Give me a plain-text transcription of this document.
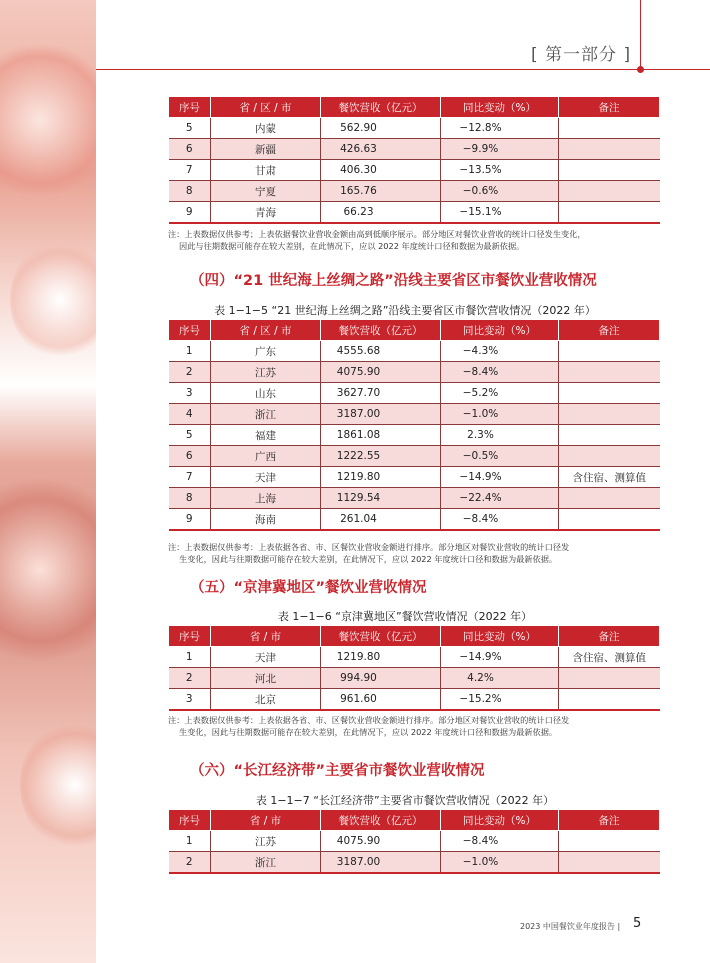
[ 第一部分 ]
序号	省 / 区 / 市	餐饮营收（亿元）	同比变动（%）	备注
5	内蒙	562.90	−12.8%	
6	新疆	426.63	−9.9%	
7	甘肃	406.30	−13.5%	
8	宁夏	165.76	−0.6%	
9	青海	66.23	−15.1%	
注：上表数据仅供参考；上表依据餐饮业营收金额由高到低顺序展示。部分地区对餐饮业营收的统计口径发生变化，
因此与往期数据可能存在较大差别，在此情况下，应以 2022 年度统计口径和数据为最新依据。
（四）“21 世纪海上丝绸之路”沿线主要省区市餐饮业营收情况
表 1−1−5 “21 世纪海上丝绸之路”沿线主要省区市餐饮营收情况（2022 年）
序号	省 / 区 / 市	餐饮营收（亿元）	同比变动（%）	备注
1	广东	4555.68	−4.3%	
2	江苏	4075.90	−8.4%	
3	山东	3627.70	−5.2%	
4	浙江	3187.00	−1.0%	
5	福建	1861.08	2.3%	
6	广西	1222.55	−0.5%	
7	天津	1219.80	−14.9%	含住宿、测算值
8	上海	1129.54	−22.4%	
9	海南	261.04	−8.4%	
注：上表数据仅供参考：上表依据各省、市、区餐饮业营收金额进行排序。部分地区对餐饮业营收的统计口径发
生变化，因此与往期数据可能存在较大差别，在此情况下，应以 2022 年度统计口径和数据为最新依据。
（五）“京津冀地区”餐饮业营收情况
表 1−1−6 “京津冀地区”餐饮营收情况（2022 年）
序号	省 / 市	餐饮营收（亿元）	同比变动（%）	备注
1	天津	1219.80	−14.9%	含住宿、测算值
2	河北	994.90	4.2%	
3	北京	961.60	−15.2%	
注：上表数据仅供参考：上表依据各省、市、区餐饮业营收金额进行排序。部分地区对餐饮业营收的统计口径发
生变化，因此与往期数据可能存在较大差别，在此情况下，应以 2022 年度统计口径和数据为最新依据。
（六）“长江经济带”主要省市餐饮业营收情况
表 1−1−7 “长江经济带”主要省市餐饮营收情况（2022 年）
序号	省 / 市	餐饮营收（亿元）	同比变动（%）	备注
1	江苏	4075.90	−8.4%	
2	浙江	3187.00	−1.0%	
2023 中国餐饮业年度报告 | 5
